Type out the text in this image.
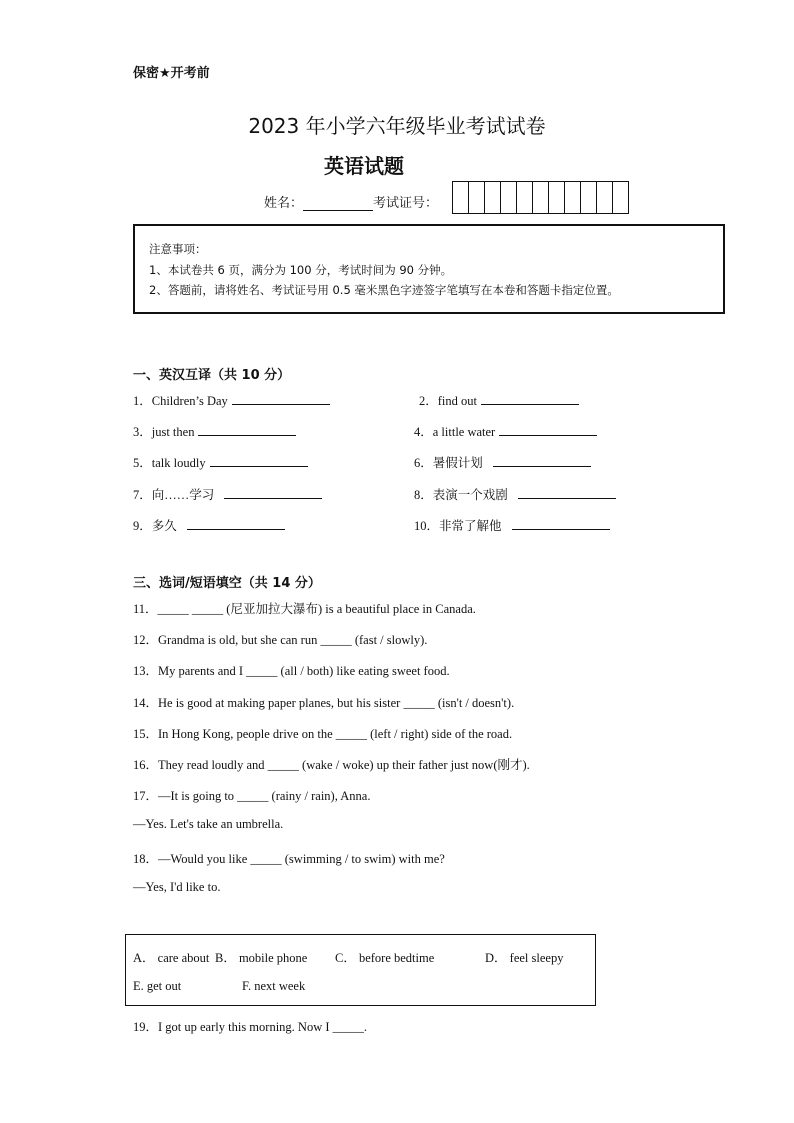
保密★开考前
2023 年小学六年级毕业考试试卷
英语试题
姓名：	考试证号：
注意事项：
1、本试卷共 6 页，满分为 100 分，考试时间为 90 分钟。
2、答题前，请将姓名、考试证号用 0.5 毫米黑色字迹签字笔填写在本卷和答题卡指定位置。
一、英汉互译（共 10 分）
1．Children’s Day	2．find out
3．just then	4．a little water
5．talk loudly	6．暑假计划
7．向……学习	8．表演一个戏剧
9．多久	10．非常了解他
三、选词/短语填空（共 14 分）
11．_____ _____ (尼亚加拉大瀑布) is a beautiful place in Canada.
12．Grandma is old, but she can run _____ (fast / slowly).
13．My parents and I _____ (all / both) like eating sweet food.
14．He is good at making paper planes, but his sister _____ (isn't / doesn't).
15．In Hong Kong, people drive on the _____ (left / right) side of the road.
16．They read loudly and _____ (wake / woke) up their father just now(刚才).
17．—It is going to _____ (rainy / rain), Anna.
—Yes. Let's take an umbrella.
18．—Would you like _____ (swimming / to swim) with me?
—Yes, I'd like to.
A． care about B． mobile phone C． before bedtime	D． feel sleepy
E. get out	F. next week
19．I got up early this morning. Now I _____.
